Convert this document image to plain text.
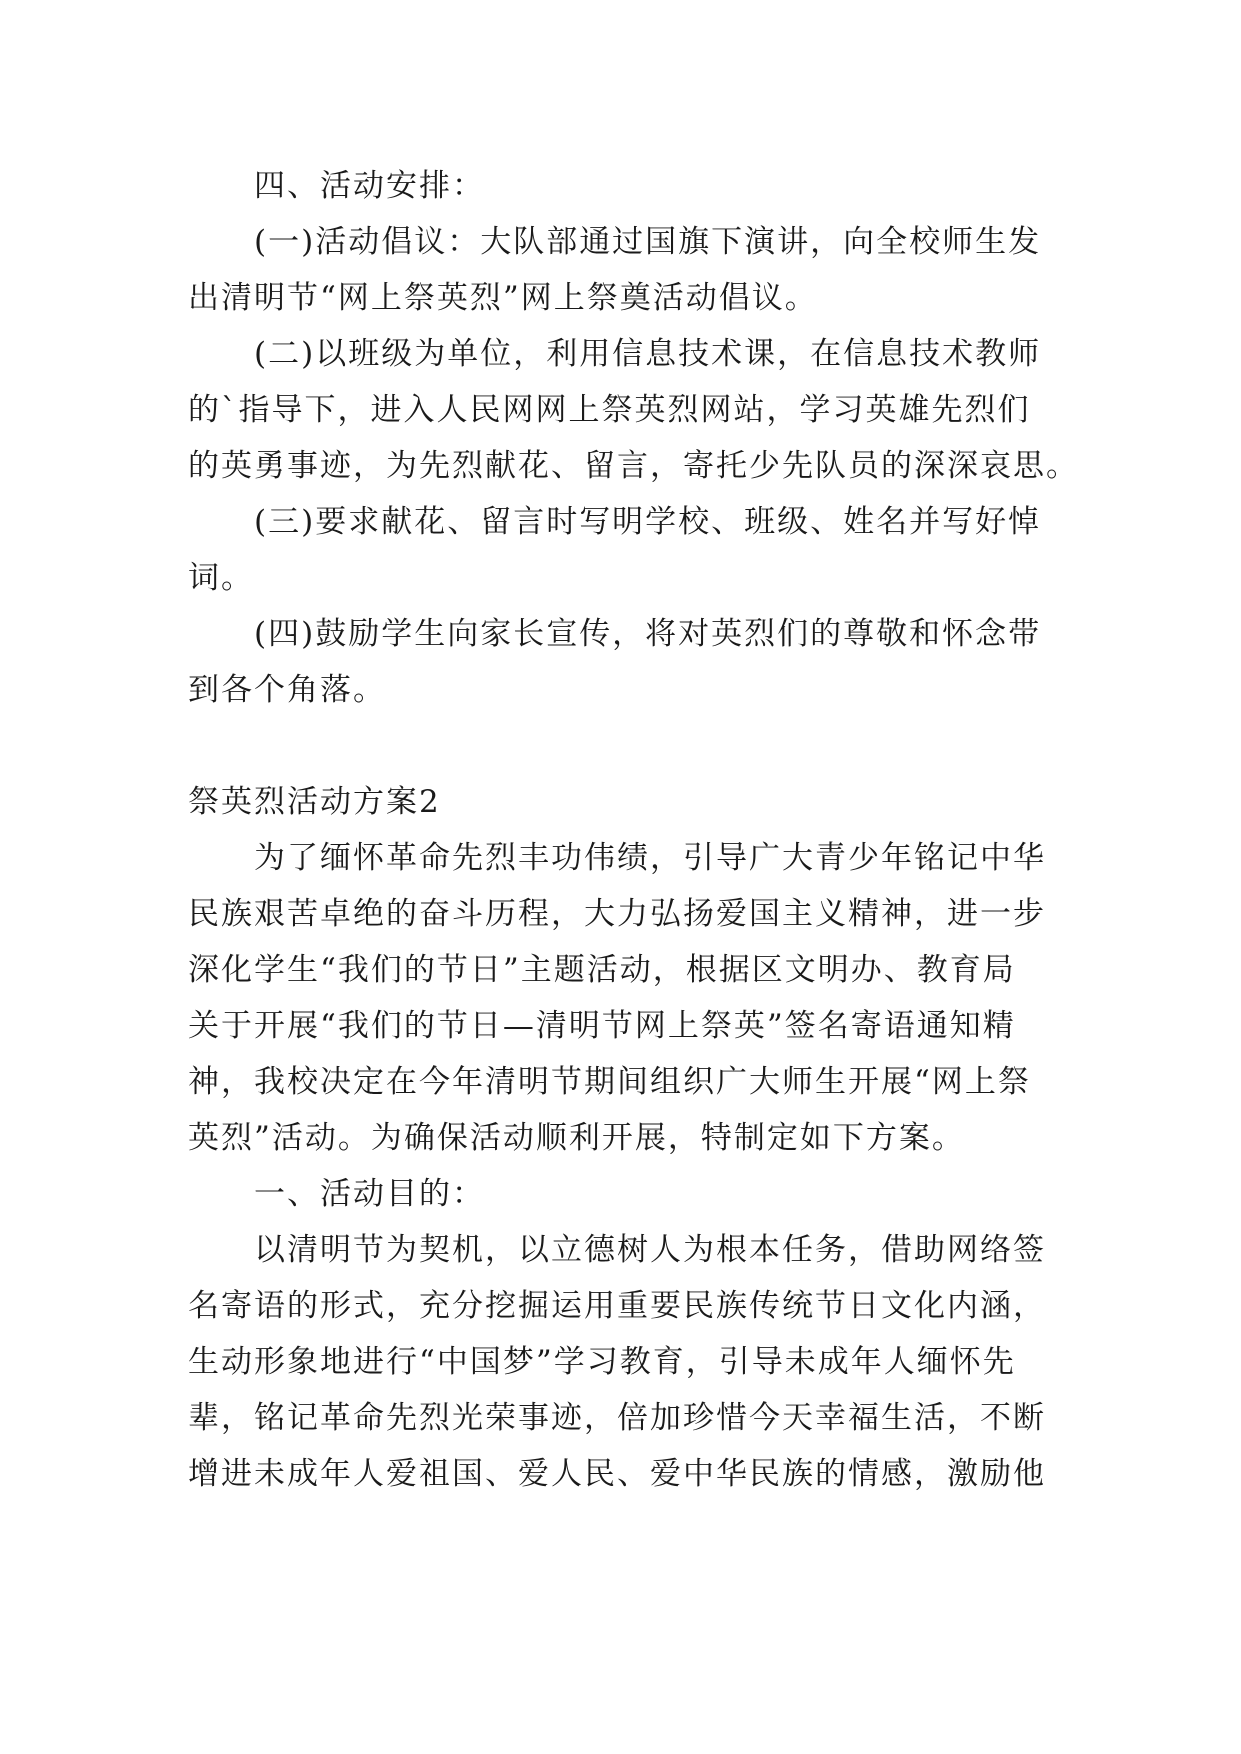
四、活动安排：
(一)活动倡议：大队部通过国旗下演讲，向全校师生发
出清明节“网上祭英烈”网上祭奠活动倡议。
(二)以班级为单位，利用信息技术课，在信息技术教师
的`指导下，进入人民网网上祭英烈网站，学习英雄先烈们
的英勇事迹，为先烈献花、留言，寄托少先队员的深深哀思。
(三)要求献花、留言时写明学校、班级、姓名并写好悼
词。
(四)鼓励学生向家长宣传，将对英烈们的尊敬和怀念带
到各个角落。
祭英烈活动方案2
为了缅怀革命先烈丰功伟绩，引导广大青少年铭记中华
民族艰苦卓绝的奋斗历程，大力弘扬爱国主义精神，进一步
深化学生“我们的节日”主题活动，根据区文明办、教育局
关于开展“我们的节日—清明节网上祭英”签名寄语通知精
神，我校决定在今年清明节期间组织广大师生开展“网上祭
英烈”活动。为确保活动顺利开展，特制定如下方案。
一、活动目的：
以清明节为契机，以立德树人为根本任务，借助网络签
名寄语的形式，充分挖掘运用重要民族传统节日文化内涵，
生动形象地进行“中国梦”学习教育，引导未成年人缅怀先
辈，铭记革命先烈光荣事迹，倍加珍惜今天幸福生活，不断
增进未成年人爱祖国、爱人民、爱中华民族的情感，激励他
